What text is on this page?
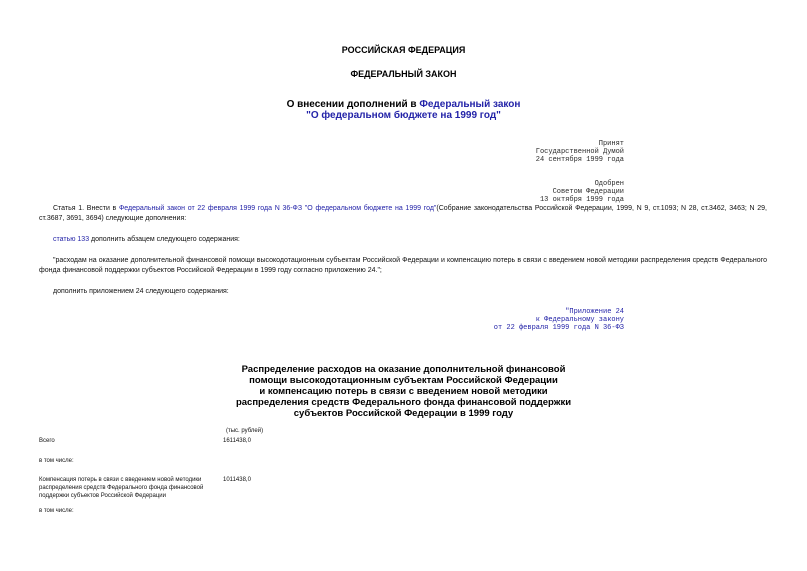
РОССИЙСКАЯ ФЕДЕРАЦИЯ
ФЕДЕРАЛЬНЫЙ ЗАКОН
О внесении дополнений в Федеральный закон
"О федеральном бюджете на 1999 год"
Принят
Государственной Думой
24 сентября 1999 года
Одобрен
Советом Федерации
13 октября 1999 года
Статья 1. Внести в Федеральный закон от 22 февраля 1999 года N 36-ФЗ "О федеральном бюджете на 1999 год"(Собрание законодательства Российской Федерации, 1999, N 9, ст.1093; N 28, ст.3462, 3463; N 29, ст.3687, 3691, 3694) следующие дополнения:
статью 133 дополнить абзацем следующего содержания:
"расходам на оказание дополнительной финансовой помощи высокодотационным субъектам Российской Федерации и компенсацию потерь в связи с введением новой методики распределения средств Федерального фонда финансовой поддержки субъектов Российской Федерации в 1999 году согласно приложению 24.";
дополнить приложением 24 следующего содержания:
"Приложение 24
к Федеральному закону
от 22 февраля 1999 года N 36-ФЗ
Распределение расходов на оказание дополнительной финансовой
помощи высокодотационным субъектам Российской Федерации
и компенсацию потерь в связи с введением новой методики
распределения средств Федерального фонда финансовой поддержки
субъектов Российской Федерации в 1999 году
(тыс. рублей)
Всего	1611438,0
в том числе:
Компенсация потерь в связи с введением новой методики
распределения средств Федерального фонда финансовой
поддержки субъектов Российской Федерации
1011438,0
в том числе:
